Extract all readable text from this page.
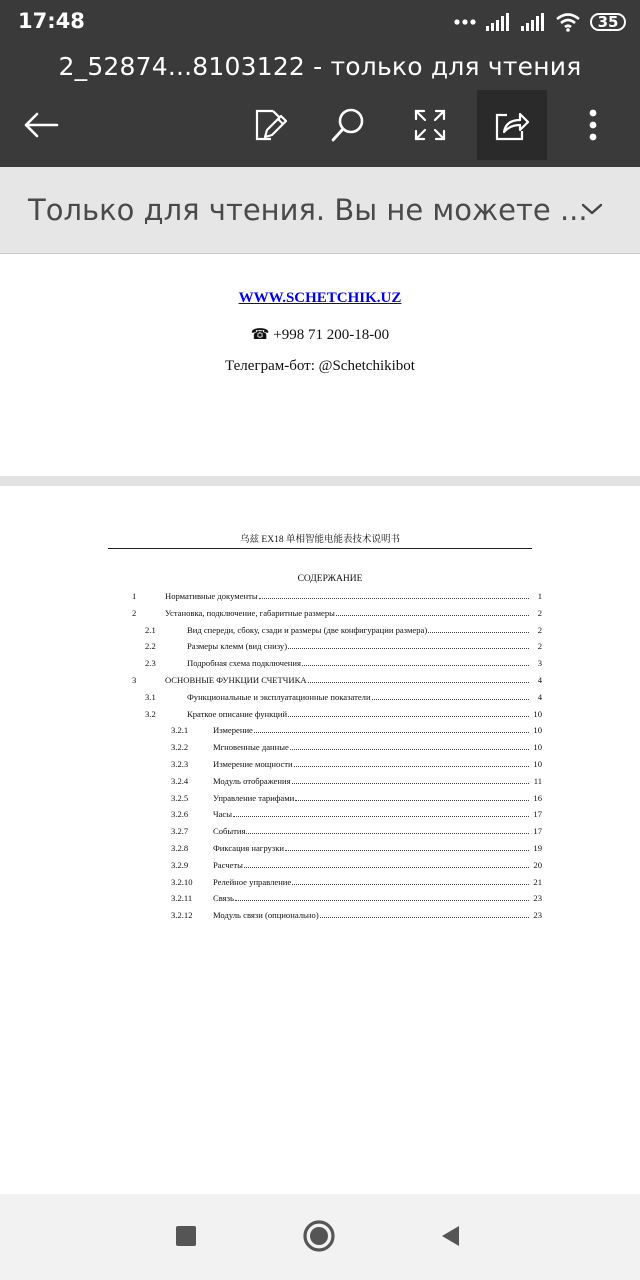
17:48	35
2_52874...8103122 - только для чтения
Только для чтения. Вы не можете ...
WWW.SCHETCHIK.UZ
☎ +998 71 200-18-00
Телеграм-бот: @Schetchikibot
乌兹 EX18 单相智能电能表技术说明书
СОДЕРЖАНИЕ
1	Нормативные документы	1
2	Установка, подключение, габаритные размеры	2
2.1	Вид спереди, сбоку, сзади и размеры (две конфигурации размера)	2
2.2	Размеры клемм (вид снизу)	2
2.3	Подробная схема подключения	3
3	ОСНОВНЫЕ ФУНКЦИИ СЧЕТЧИКА	4
3.1	Функциональные и эксплуатационные показатели	4
3.2	Краткое описание функций	10
3.2.1	Измерение	10
3.2.2	Мгновенные данные	10
3.2.3	Измерение мощности	10
3.2.4	Модуль отображения	11
3.2.5	Управление тарифами	16
3.2.6	Часы	17
3.2.7	События	17
3.2.8	Фиксация нагрузки	19
3.2.9	Расчеты	20
3.2.10 Релейное управление	21
3.2.11 Связь	23
3.2.12 Модуль связи (опционально)	23
